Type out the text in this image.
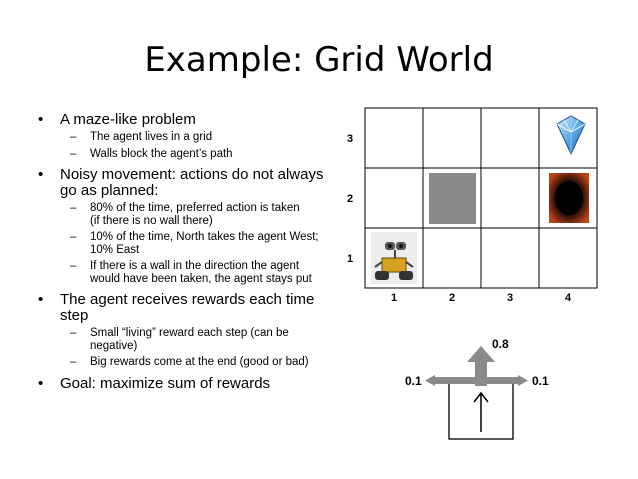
Example: Grid World
• A maze-like problem
– The agent lives in a grid
– Walls block the agent’s path
• Noisy movement: actions do not always go as planned:
– 80% of the time, preferred action is taken
(if there is no wall there)
– 10% of the time, North takes the agent West; 10% East
– If there is a wall in the direction the agent would have been taken, the agent stays put
• The agent receives rewards each time step
– Small “living” reward each step (can be negative)
– Big rewards come at the end (good or bad)
• Goal: maximize sum of rewards
3
2
1
1	2	3	4
0.8
0.1	0.1
